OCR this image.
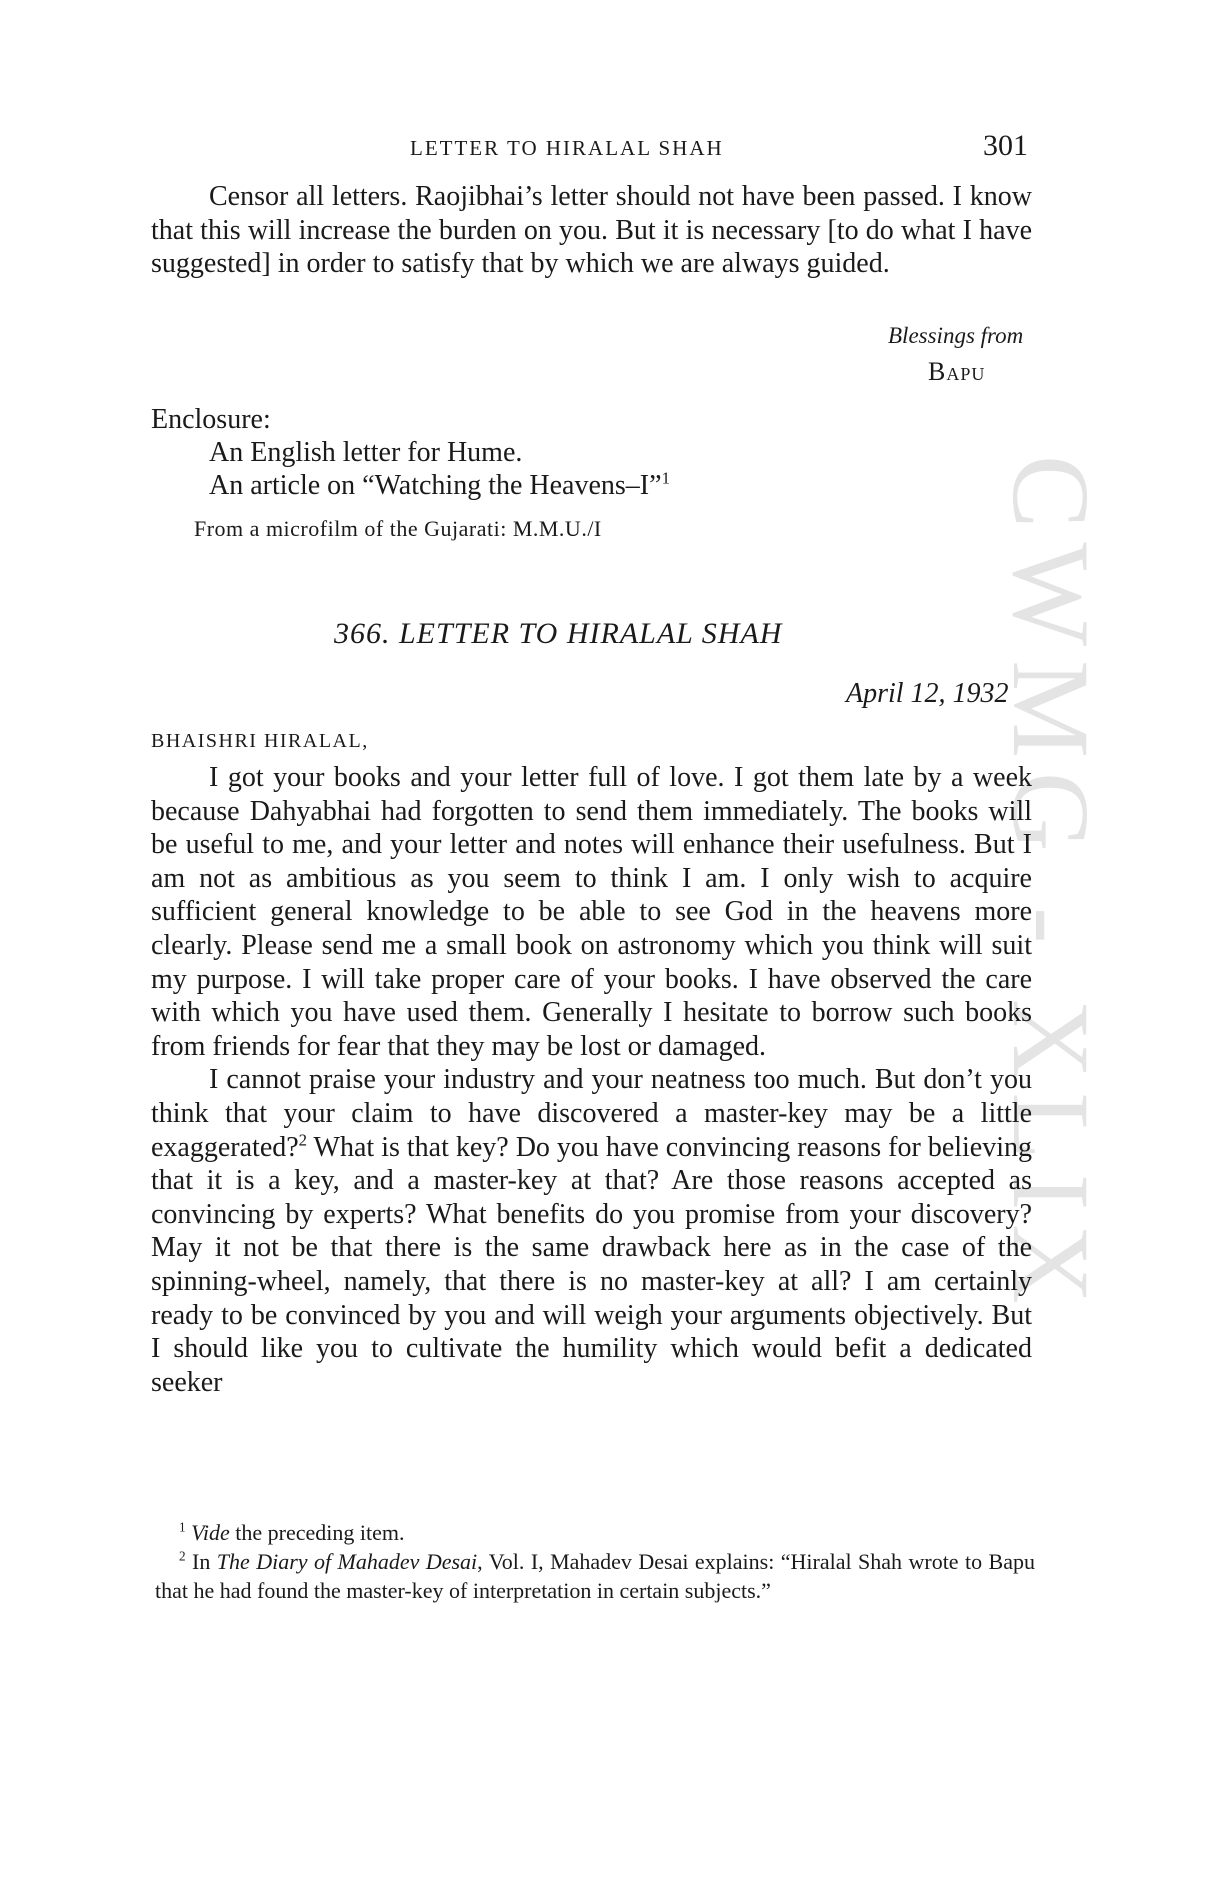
CWMG - XLIX
LETTER TO HIRALAL SHAH	301

Censor all letters. Raojibhai’s letter should not have been passed. I know that this will increase the burden on you. But it is necessary [to do what I have suggested] in order to satisfy that by which we are always guided.

Blessings from
Bapu
Enclosure:
An English letter for Hume.
An article on “Watching the Heavens–I”$^1$
From a microfilm of the Gujarati: M.M.U./I
366. LETTER TO HIRALAL SHAH
April 12, 1932
BHAISHRI HIRALAL,

I got your books and your letter full of love. I got them late by a week because Dahyabhai had forgotten to send them immediately. The books will be useful to me, and your letter and notes will enhance their usefulness. But I am not as ambitious as you seem to think I am. I only wish to acquire sufficient general knowledge to be able to see God in the heavens more clearly. Please send me a small book on astronomy which you think will suit my purpose. I will take proper care of your books. I have observed the care with which you have used them. Generally I hesitate to borrow such books from friends for fear that they may be lost or damaged.

I cannot praise your industry and your neatness too much. But don’t you think that your claim to have discovered a master-key may be a little exaggerated?$^2$ What is that key? Do you have convincing reasons for believing that it is a key, and a master-key at that? Are those reasons accepted as convincing by experts? What benefits do you promise from your discovery? May it not be that there is the same drawback here as in the case of the spinning-wheel, namely, that there is no master-key at all? I am certainly ready to be convinced by you and will weigh your arguments objectively. But I should like you to cultivate the humility which would befit a dedicated seeker

$^1$ Vide the preceding item.

$^2$ In The Diary of Mahadev Desai, Vol. I, Mahadev Desai explains: “Hiralal Shah wrote to Bapu that he had found the master-key of interpretation in certain subjects.”
